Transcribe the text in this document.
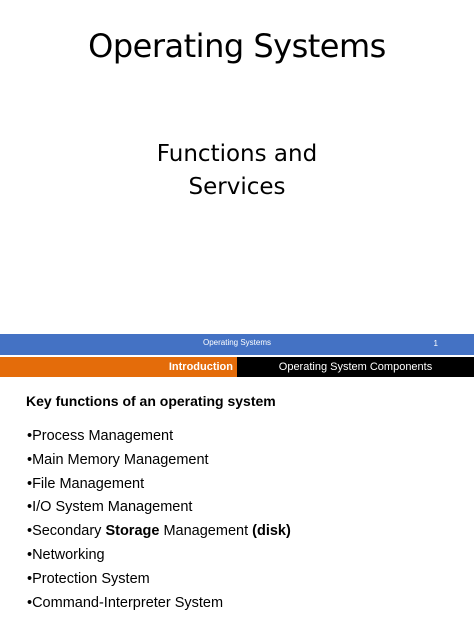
Operating Systems
Functions and
Services
Operating Systems	1
Introduction	Operating System Components
Key functions of an operating system
•Process Management
•Main Memory Management
•File Management
•I/O System Management
•Secondary Storage Management (disk)
•Networking
•Protection System
•Command-Interpreter System
